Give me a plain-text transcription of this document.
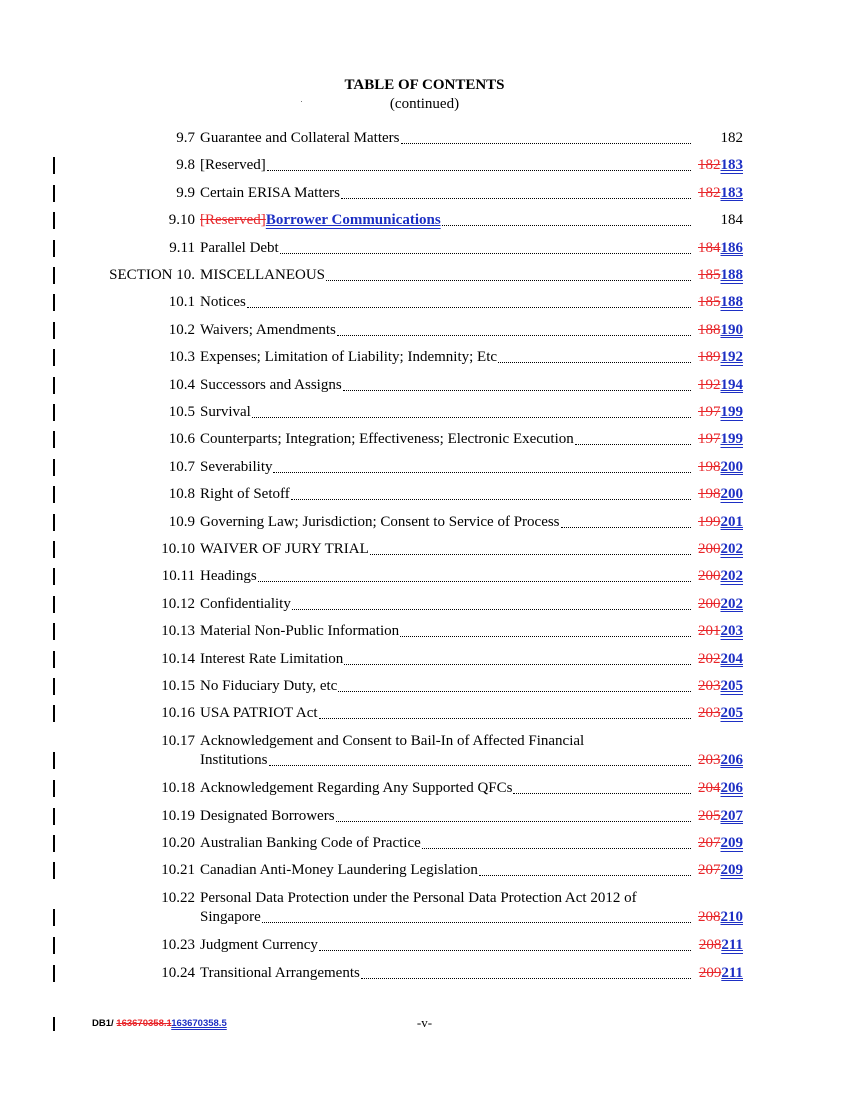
TABLE OF CONTENTS
(continued)
9.7 Guarantee and Collateral Matters	182
9.8 [Reserved]	182183
9.9 Certain ERISA Matters	182183
9.10 [Reserved] Borrower Communications	184
9.11 Parallel Debt	184186
SECTION 10. MISCELLANEOUS	185188
10.1 Notices	185188
10.2 Waivers; Amendments	188190
10.3 Expenses; Limitation of Liability; Indemnity; Etc	189192
10.4 Successors and Assigns	192194
10.5 Survival	197199
10.6 Counterparts; Integration; Effectiveness; Electronic Execution	197199
10.7 Severability	198200
10.8 Right of Setoff	198200
10.9 Governing Law; Jurisdiction; Consent to Service of Process	199201
10.10 WAIVER OF JURY TRIAL	200202
10.11 Headings	200202
10.12 Confidentiality	200202
10.13 Material Non-Public Information	201203
10.14 Interest Rate Limitation	202204
10.15 No Fiduciary Duty, etc	203205
10.16 USA PATRIOT Act	203205
10.17 Acknowledgement and Consent to Bail-In of Affected Financial
Institutions	203206
10.18 Acknowledgement Regarding Any Supported QFCs	204206
10.19 Designated Borrowers	205207
10.20 Australian Banking Code of Practice	207209
10.21 Canadian Anti-Money Laundering Legislation	207209
10.22 Personal Data Protection under the Personal Data Protection Act 2012 of
Singapore	208210
10.23 Judgment Currency	208211
10.24 Transitional Arrangements	209211
DB1/ 163670358.1163670358.5	-v-
